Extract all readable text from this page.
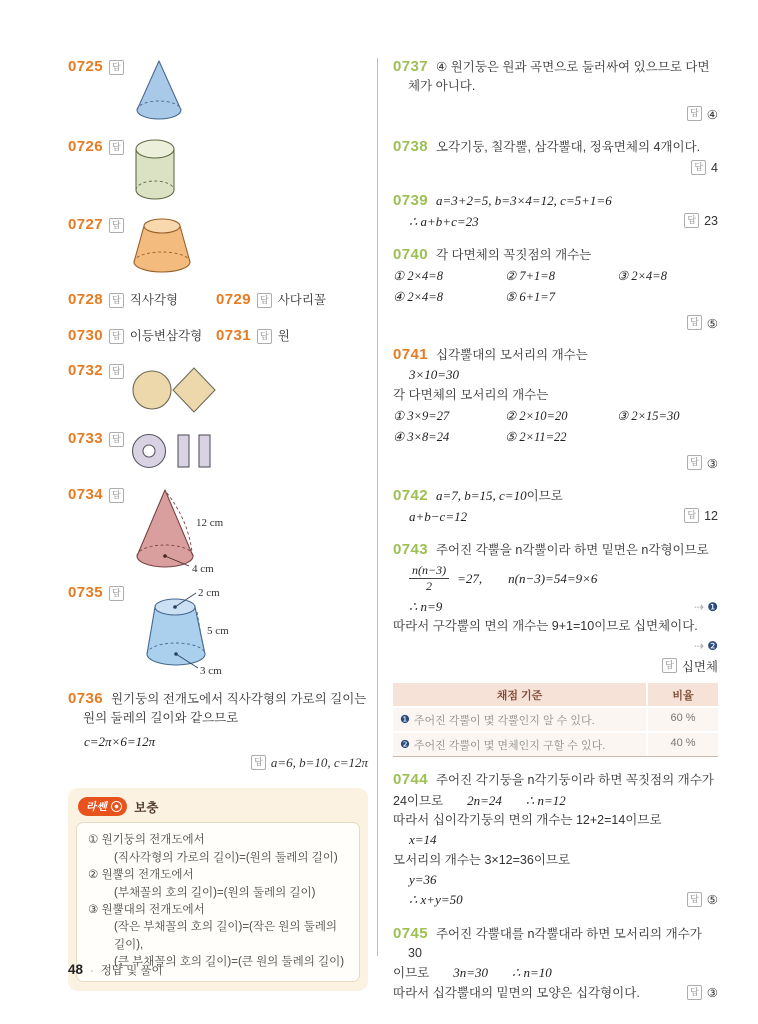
0725	답
0726	답
0727	답
0728	답 직사각형	0729	답 사다리꼴
0730	답 이등변삼각형 0731	답 원
0732	답
0733	답
0734	답
12 cm
4 cm
0735	답	2 cm
5 cm
3 cm
0736 원기둥의 전개도에서 직사각형의 가로의 길이는 원의 둘레의 길이와 같으므로
c=2π×6=12π
답 a=6, b=10, c=12π
라쎈 보충
① 원기둥의 전개도에서
(직사각형의 가로의 길이)=(원의 둘레의 길이)
② 원뿔의 전개도에서
(부채꼴의 호의 길이)=(원의 둘레의 길이)
③ 원뿔대의 전개도에서
(작은 부채꼴의 호의 길이)=(작은 원의 둘레의 길이),
(큰 부채꼴의 호의 길이)=(큰 원의 둘레의 길이)
0737 ④ 원기둥은 원과 곡면으로 둘러싸여 있으므로 다면체가 아니다.
답 ④
0738 오각기둥, 칠각뿔, 삼각뿔대, 정육면체의 4개이다.
답 4
0739 a=3+2=5, b=3×4=12, c=5+1=6
∴ a+b+c=23	답 23
0740 각 다면체의 꼭짓점의 개수는
① 2×4=8	② 7+1=8	③ 2×4=8
④ 2×4=8	⑤ 6+1=7
답 ⑤
0741 십각뿔대의 모서리의 개수는
3×10=30
각 다면체의 모서리의 개수는
① 3×9=27	② 2×10=20	③ 2×15=30
④ 3×8=24	⑤ 2×11=22
답 ③
0742 a=7, b=15, c=10이므로
a+b−c=12	답 12
0743 주어진 각뿔을 n각뿔이라 하면 밑면은 n각형이므로
$\frac{n(n-3)}{2} =27$, n(n−3)=54=9×6
∴ n=9	⇢ ❶
따라서 구각뿔의 면의 개수는 9+1=10이므로 십면체이다.
⇢ ❷
답 십면체
채점 기준	비율
❶ 주어진 각뿔이 몇 각뿔인지 알 수 있다.	60 %
❷ 주어진 각뿔이 몇 면체인지 구할 수 있다.	40 %
0744 주어진 각기둥을 n각기둥이라 하면 꼭짓점의 개수가
24이므로 2n=24 ∴ n=12
따라서 십이각기둥의 면의 개수는 12+2=14이므로
x=14
모서리의 개수는 3×12=36이므로
y=36
∴ x+y=50	답 ⑤
0745 주어진 각뿔대를 n각뿔대라 하면 모서리의 개수가 30
이므로 3n=30 ∴ n=10
따라서 십각뿔대의 밑면의 모양은 십각형이다.	답 ③
48 · 정답 및 풀이
